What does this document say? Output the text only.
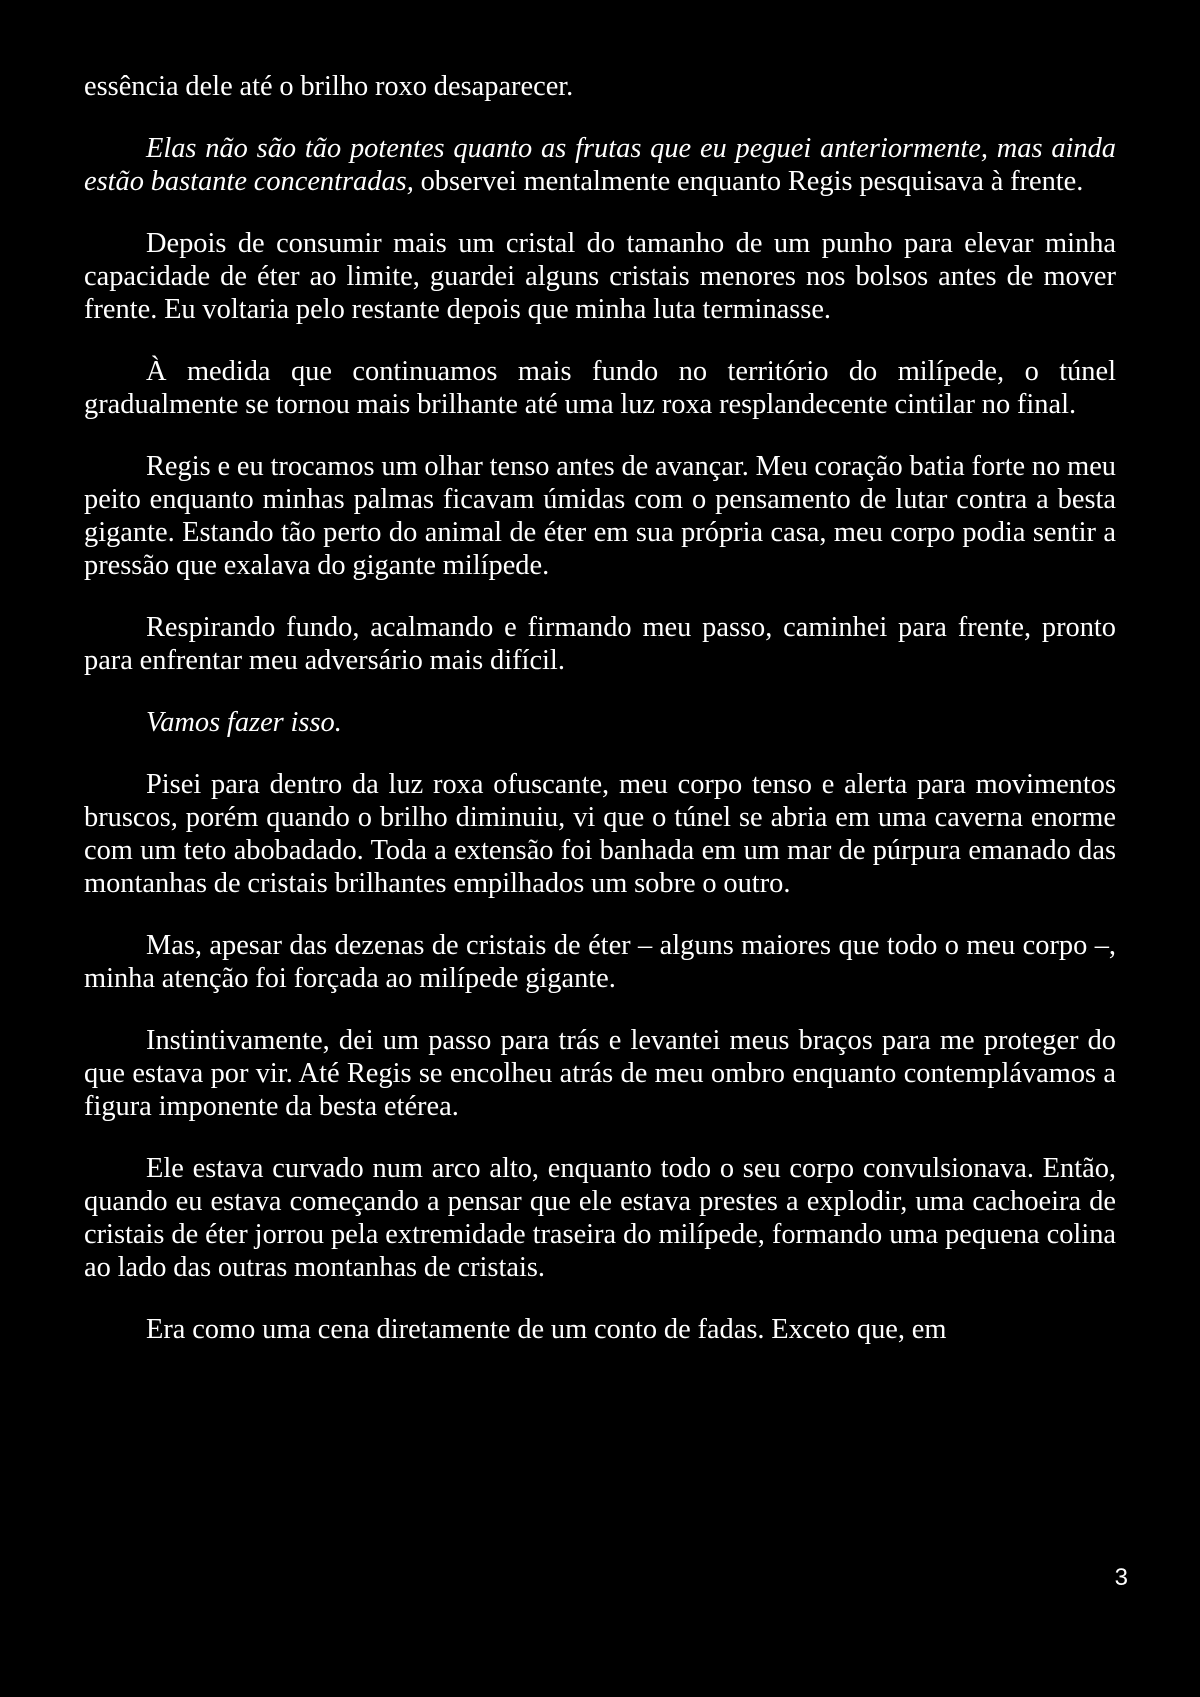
essência dele até o brilho roxo desaparecer.

Elas não são tão potentes quanto as frutas que eu peguei anteriormente, mas ainda estão bastante concentradas, observei mentalmente enquanto Regis pesquisava à frente.

Depois de consumir mais um cristal do tamanho de um punho para elevar minha capacidade de éter ao limite, guardei alguns cristais menores nos bolsos antes de mover frente. Eu voltaria pelo restante depois que minha luta terminasse.

À medida que continuamos mais fundo no território do milípede, o túnel gradualmente se tornou mais brilhante até uma luz roxa resplandecente cintilar no final.

Regis e eu trocamos um olhar tenso antes de avançar. Meu coração batia forte no meu peito enquanto minhas palmas ficavam úmidas com o pensamento de lutar contra a besta gigante. Estando tão perto do animal de éter em sua própria casa, meu corpo podia sentir a pressão que exalava do gigante milípede.

Respirando fundo, acalmando e firmando meu passo, caminhei para frente, pronto para enfrentar meu adversário mais difícil.

Vamos fazer isso.

Pisei para dentro da luz roxa ofuscante, meu corpo tenso e alerta para movimentos bruscos, porém quando o brilho diminuiu, vi que o túnel se abria em uma caverna enorme com um teto abobadado. Toda a extensão foi banhada em um mar de púrpura emanado das montanhas de cristais brilhantes empilhados um sobre o outro.

Mas, apesar das dezenas de cristais de éter – alguns maiores que todo o meu corpo –, minha atenção foi forçada ao milípede gigante.

Instintivamente, dei um passo para trás e levantei meus braços para me proteger do que estava por vir. Até Regis se encolheu atrás de meu ombro enquanto contemplávamos a figura imponente da besta etérea.

Ele estava curvado num arco alto, enquanto todo o seu corpo convulsionava. Então, quando eu estava começando a pensar que ele estava prestes a explodir, uma cachoeira de cristais de éter jorrou pela extremidade traseira do milípede, formando uma pequena colina ao lado das outras montanhas de cristais.

Era como uma cena diretamente de um conto de fadas. Exceto que, em

3
